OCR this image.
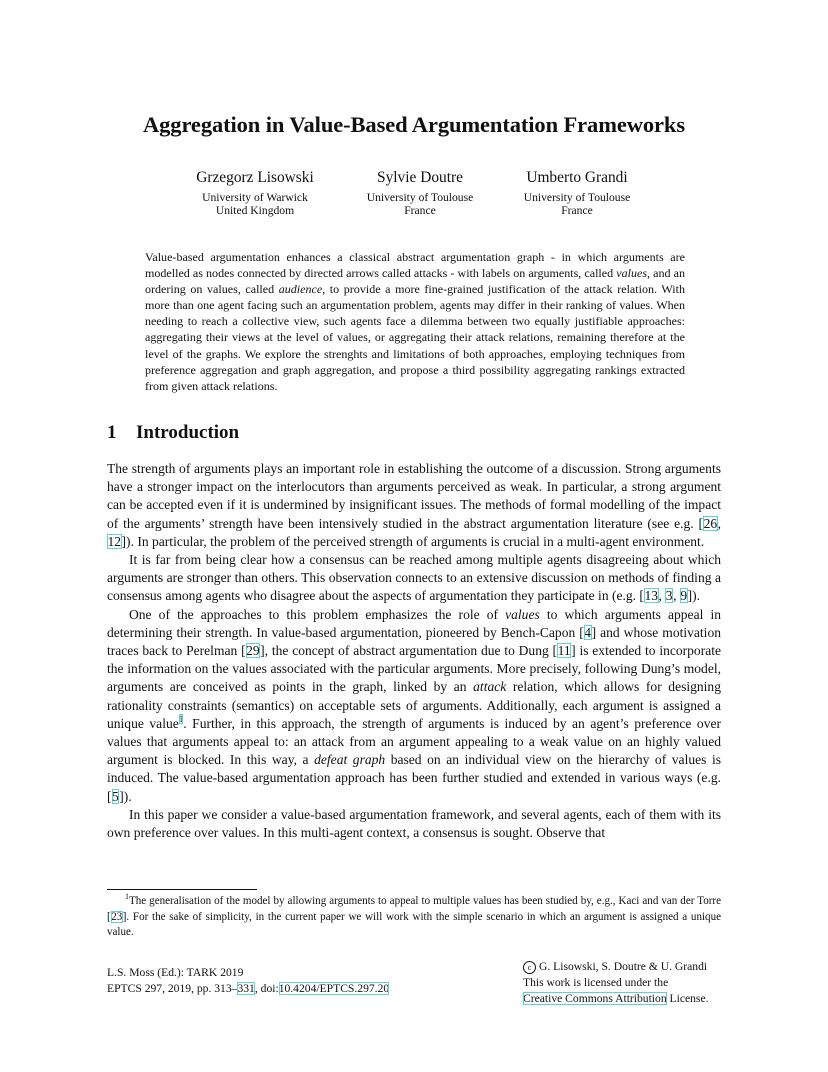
Aggregation in Value-Based Argumentation Frameworks
Grzegorz Lisowski
University of Warwick
United Kingdom
Sylvie Doutre
University of Toulouse
France
Umberto Grandi
University of Toulouse
France
Value-based argumentation enhances a classical abstract argumentation graph - in which arguments are modelled as nodes connected by directed arrows called attacks - with labels on arguments, called values, and an ordering on values, called audience, to provide a more fine-grained justification of the attack relation. With more than one agent facing such an argumentation problem, agents may differ in their ranking of values. When needing to reach a collective view, such agents face a dilemma between two equally justifiable approaches: aggregating their views at the level of values, or aggregating their attack relations, remaining therefore at the level of the graphs. We explore the strenghts and limitations of both approaches, employing techniques from preference aggregation and graph aggregation, and propose a third possibility aggregating rankings extracted from given attack relations.
1 Introduction

The strength of arguments plays an important role in establishing the outcome of a discussion. Strong arguments have a stronger impact on the interlocutors than arguments perceived as weak. In particular, a strong argument can be accepted even if it is undermined by insignificant issues. The methods of formal modelling of the impact of the arguments’ strength have been intensively studied in the abstract argumentation literature (see e.g. [26, 12]). In particular, the problem of the perceived strength of arguments is crucial in a multi-agent environment.

It is far from being clear how a consensus can be reached among multiple agents disagreeing about which arguments are stronger than others. This observation connects to an extensive discussion on methods of finding a consensus among agents who disagree about the aspects of argumentation they participate in (e.g. [13, 3, 9]).

One of the approaches to this problem emphasizes the role of values to which arguments appeal in determining their strength. In value-based argumentation, pioneered by Bench-Capon [4] and whose motivation traces back to Perelman [29], the concept of abstract argumentation due to Dung [11] is extended to incorporate the information on the values associated with the particular arguments. More precisely, following Dung’s model, arguments are conceived as points in the graph, linked by an attack relation, which allows for designing rationality constraints (semantics) on acceptable sets of arguments. Additionally, each argument is assigned a unique value$^1$. Further, in this approach, the strength of arguments is induced by an agent’s preference over values that arguments appeal to: an attack from an argument appealing to a weak value on an highly valued argument is blocked. In this way, a defeat graph based on an individual view on the hierarchy of values is induced. The value-based argumentation approach has been further studied and extended in various ways (e.g. [5]).

In this paper we consider a value-based argumentation framework, and several agents, each of them with its own preference over values. In this multi-agent context, a consensus is sought. Observe that

$^1$The generalisation of the model by allowing arguments to appeal to multiple values has been studied by, e.g., Kaci and van der Torre [23]. For the sake of simplicity, in the current paper we will work with the simple scenario in which an argument is assigned a unique value.
L.S. Moss (Ed.): TARK 2019
EPTCS 297, 2019, pp. 313–331, doi:10.4204/EPTCS.297.20
c G. Lisowski, S. Doutre & U. Grandi
This work is licensed under the
Creative Commons Attribution License.
